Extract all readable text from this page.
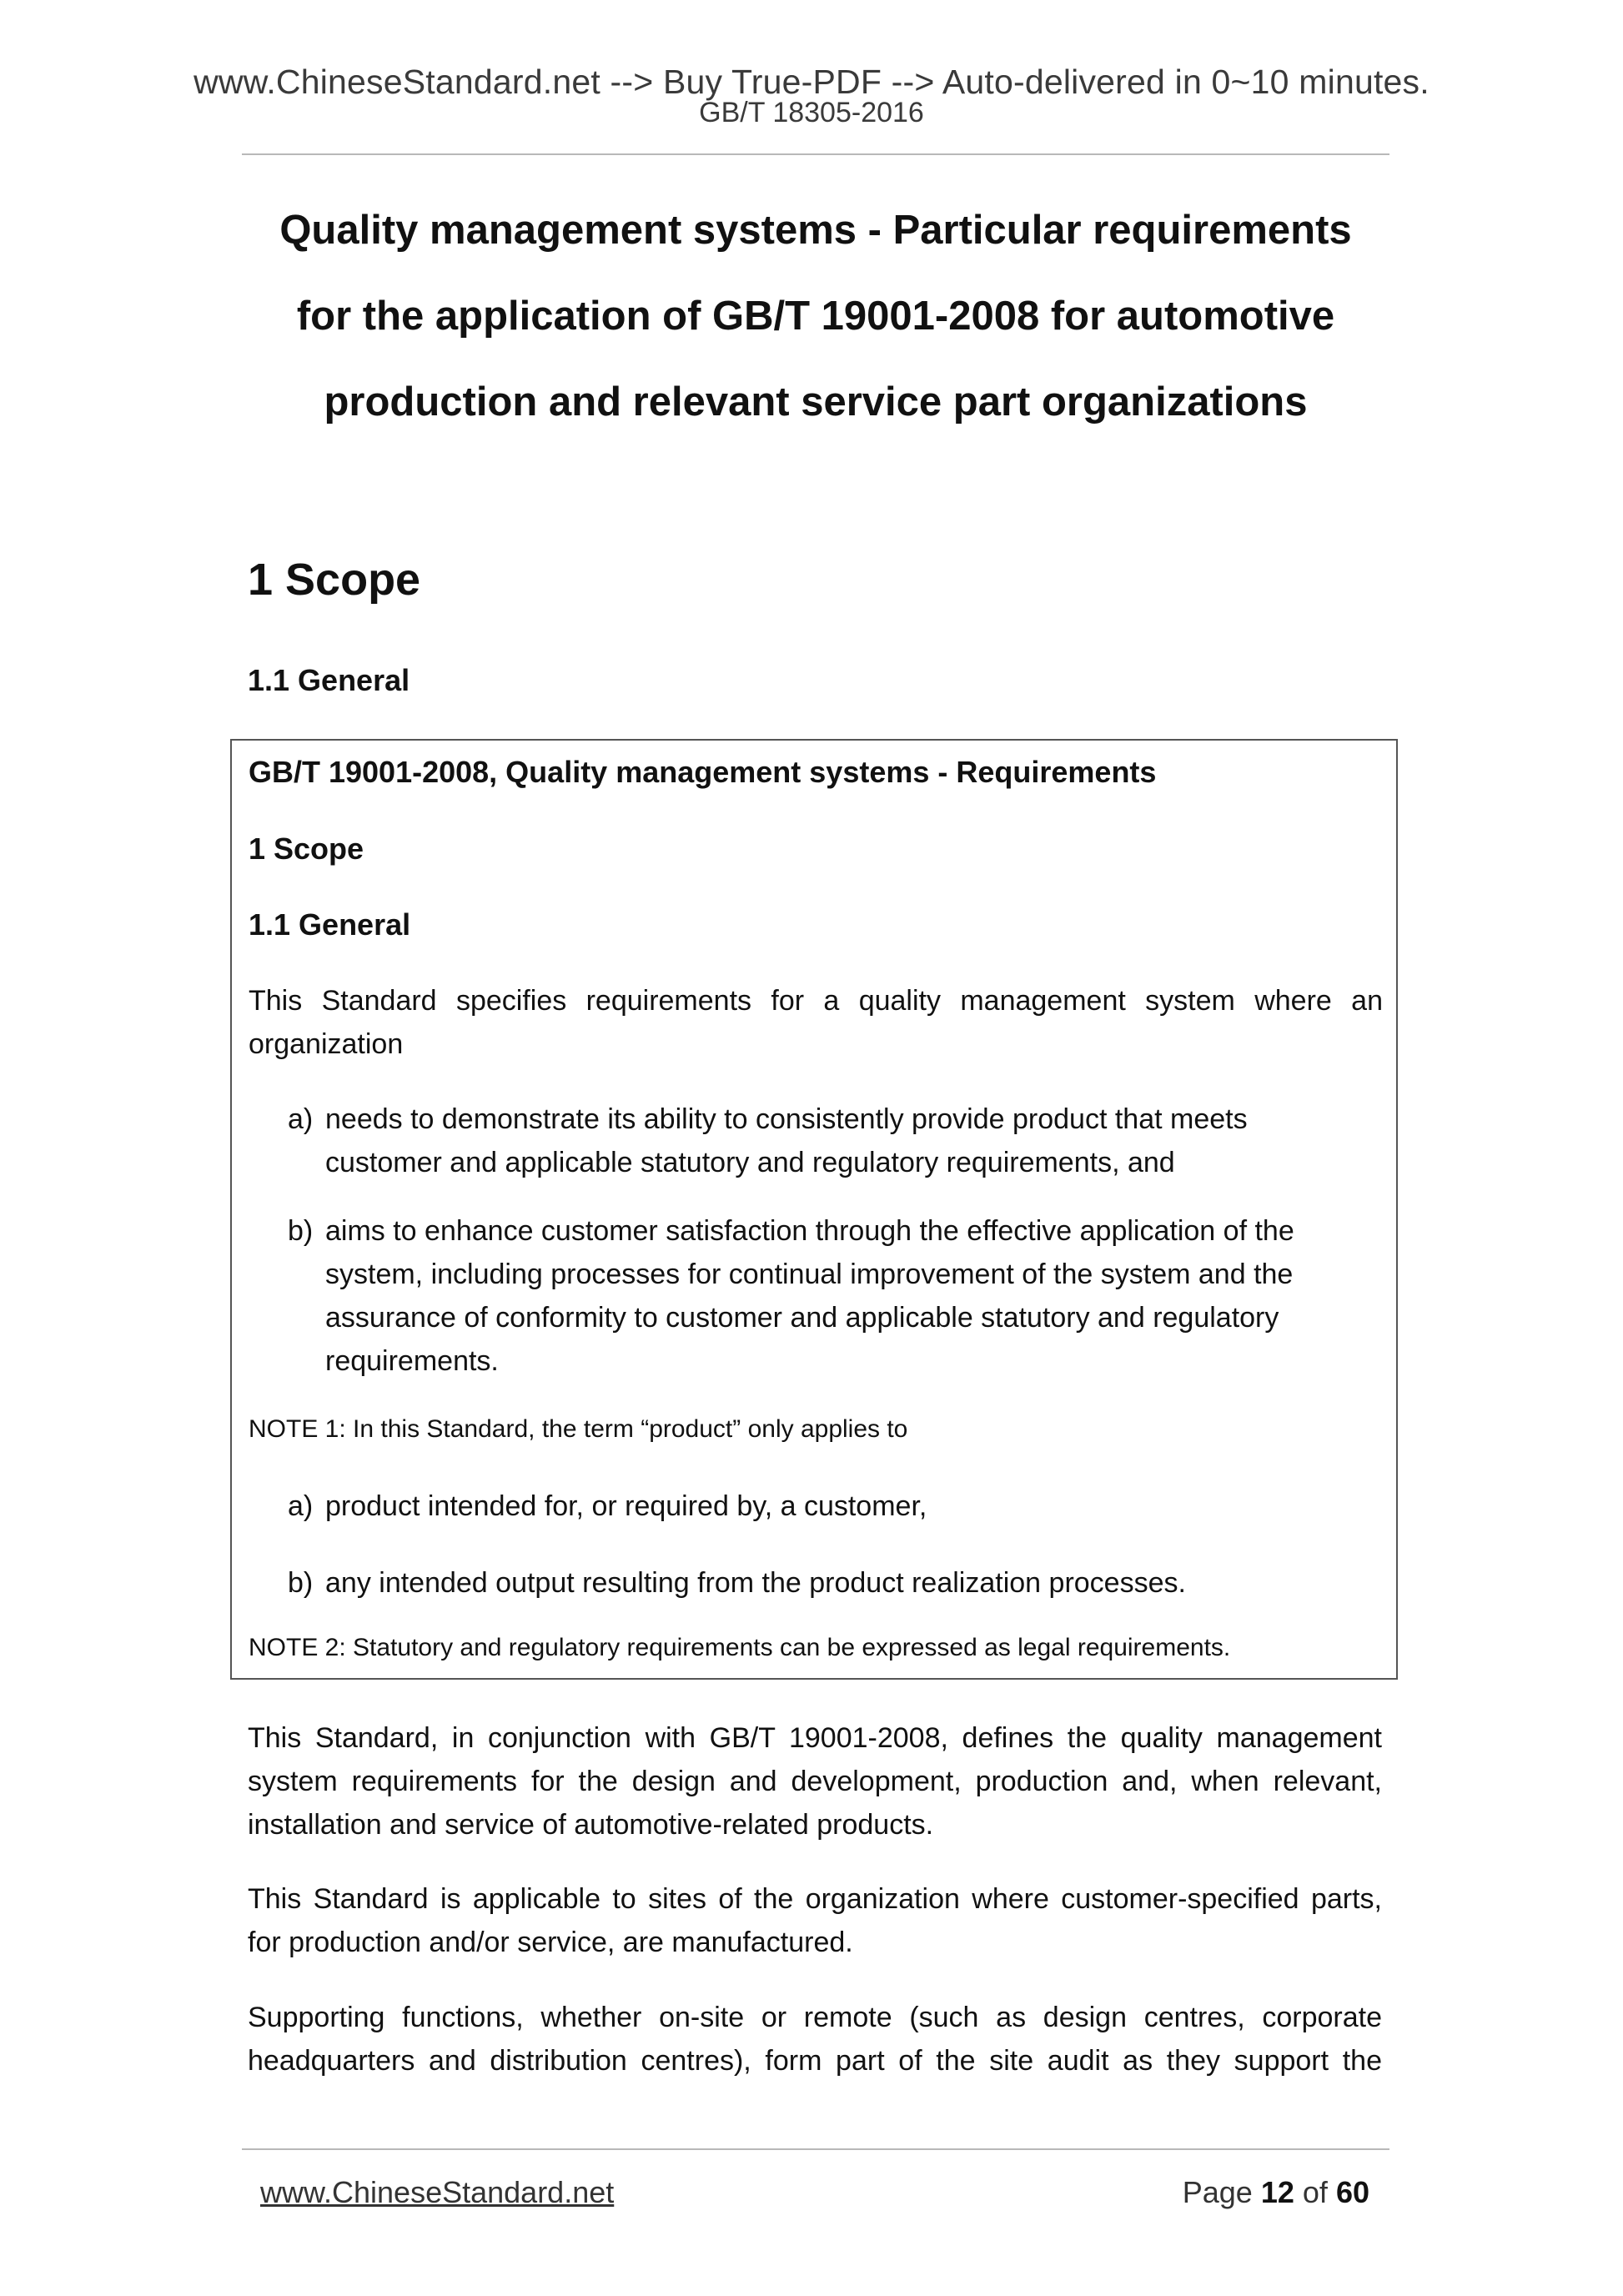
www.ChineseStandard.net --> Buy True-PDF --> Auto-delivered in 0~10 minutes.
GB/T 18305-2016
Quality management systems - Particular requirements
for the application of GB/T 19001-2008 for automotive
production and relevant service part organizations
1 Scope
1.1 General
GB/T 19001-2008, Quality management systems - Requirements
1 Scope
1.1 General
This Standard specifies requirements for a quality management system where an
organization
a) needs to demonstrate its ability to consistently provide product that meets
customer and applicable statutory and regulatory requirements, and
b) aims to enhance customer satisfaction through the effective application of the
system, including processes for continual improvement of the system and the
assurance of conformity to customer and applicable statutory and regulatory
requirements.
NOTE 1: In this Standard, the term “product” only applies to
a) product intended for, or required by, a customer,
b) any intended output resulting from the product realization processes.
NOTE 2: Statutory and regulatory requirements can be expressed as legal requirements.
This Standard, in conjunction with GB/T 19001-2008, defines the quality management
system requirements for the design and development, production and, when relevant,
installation and service of automotive-related products.
This Standard is applicable to sites of the organization where customer-specified parts,
for production and/or service, are manufactured.
Supporting functions, whether on-site or remote (such as design centres, corporate
headquarters and distribution centres), form part of the site audit as they support the
www.ChineseStandard.net	Page 12 of 60
